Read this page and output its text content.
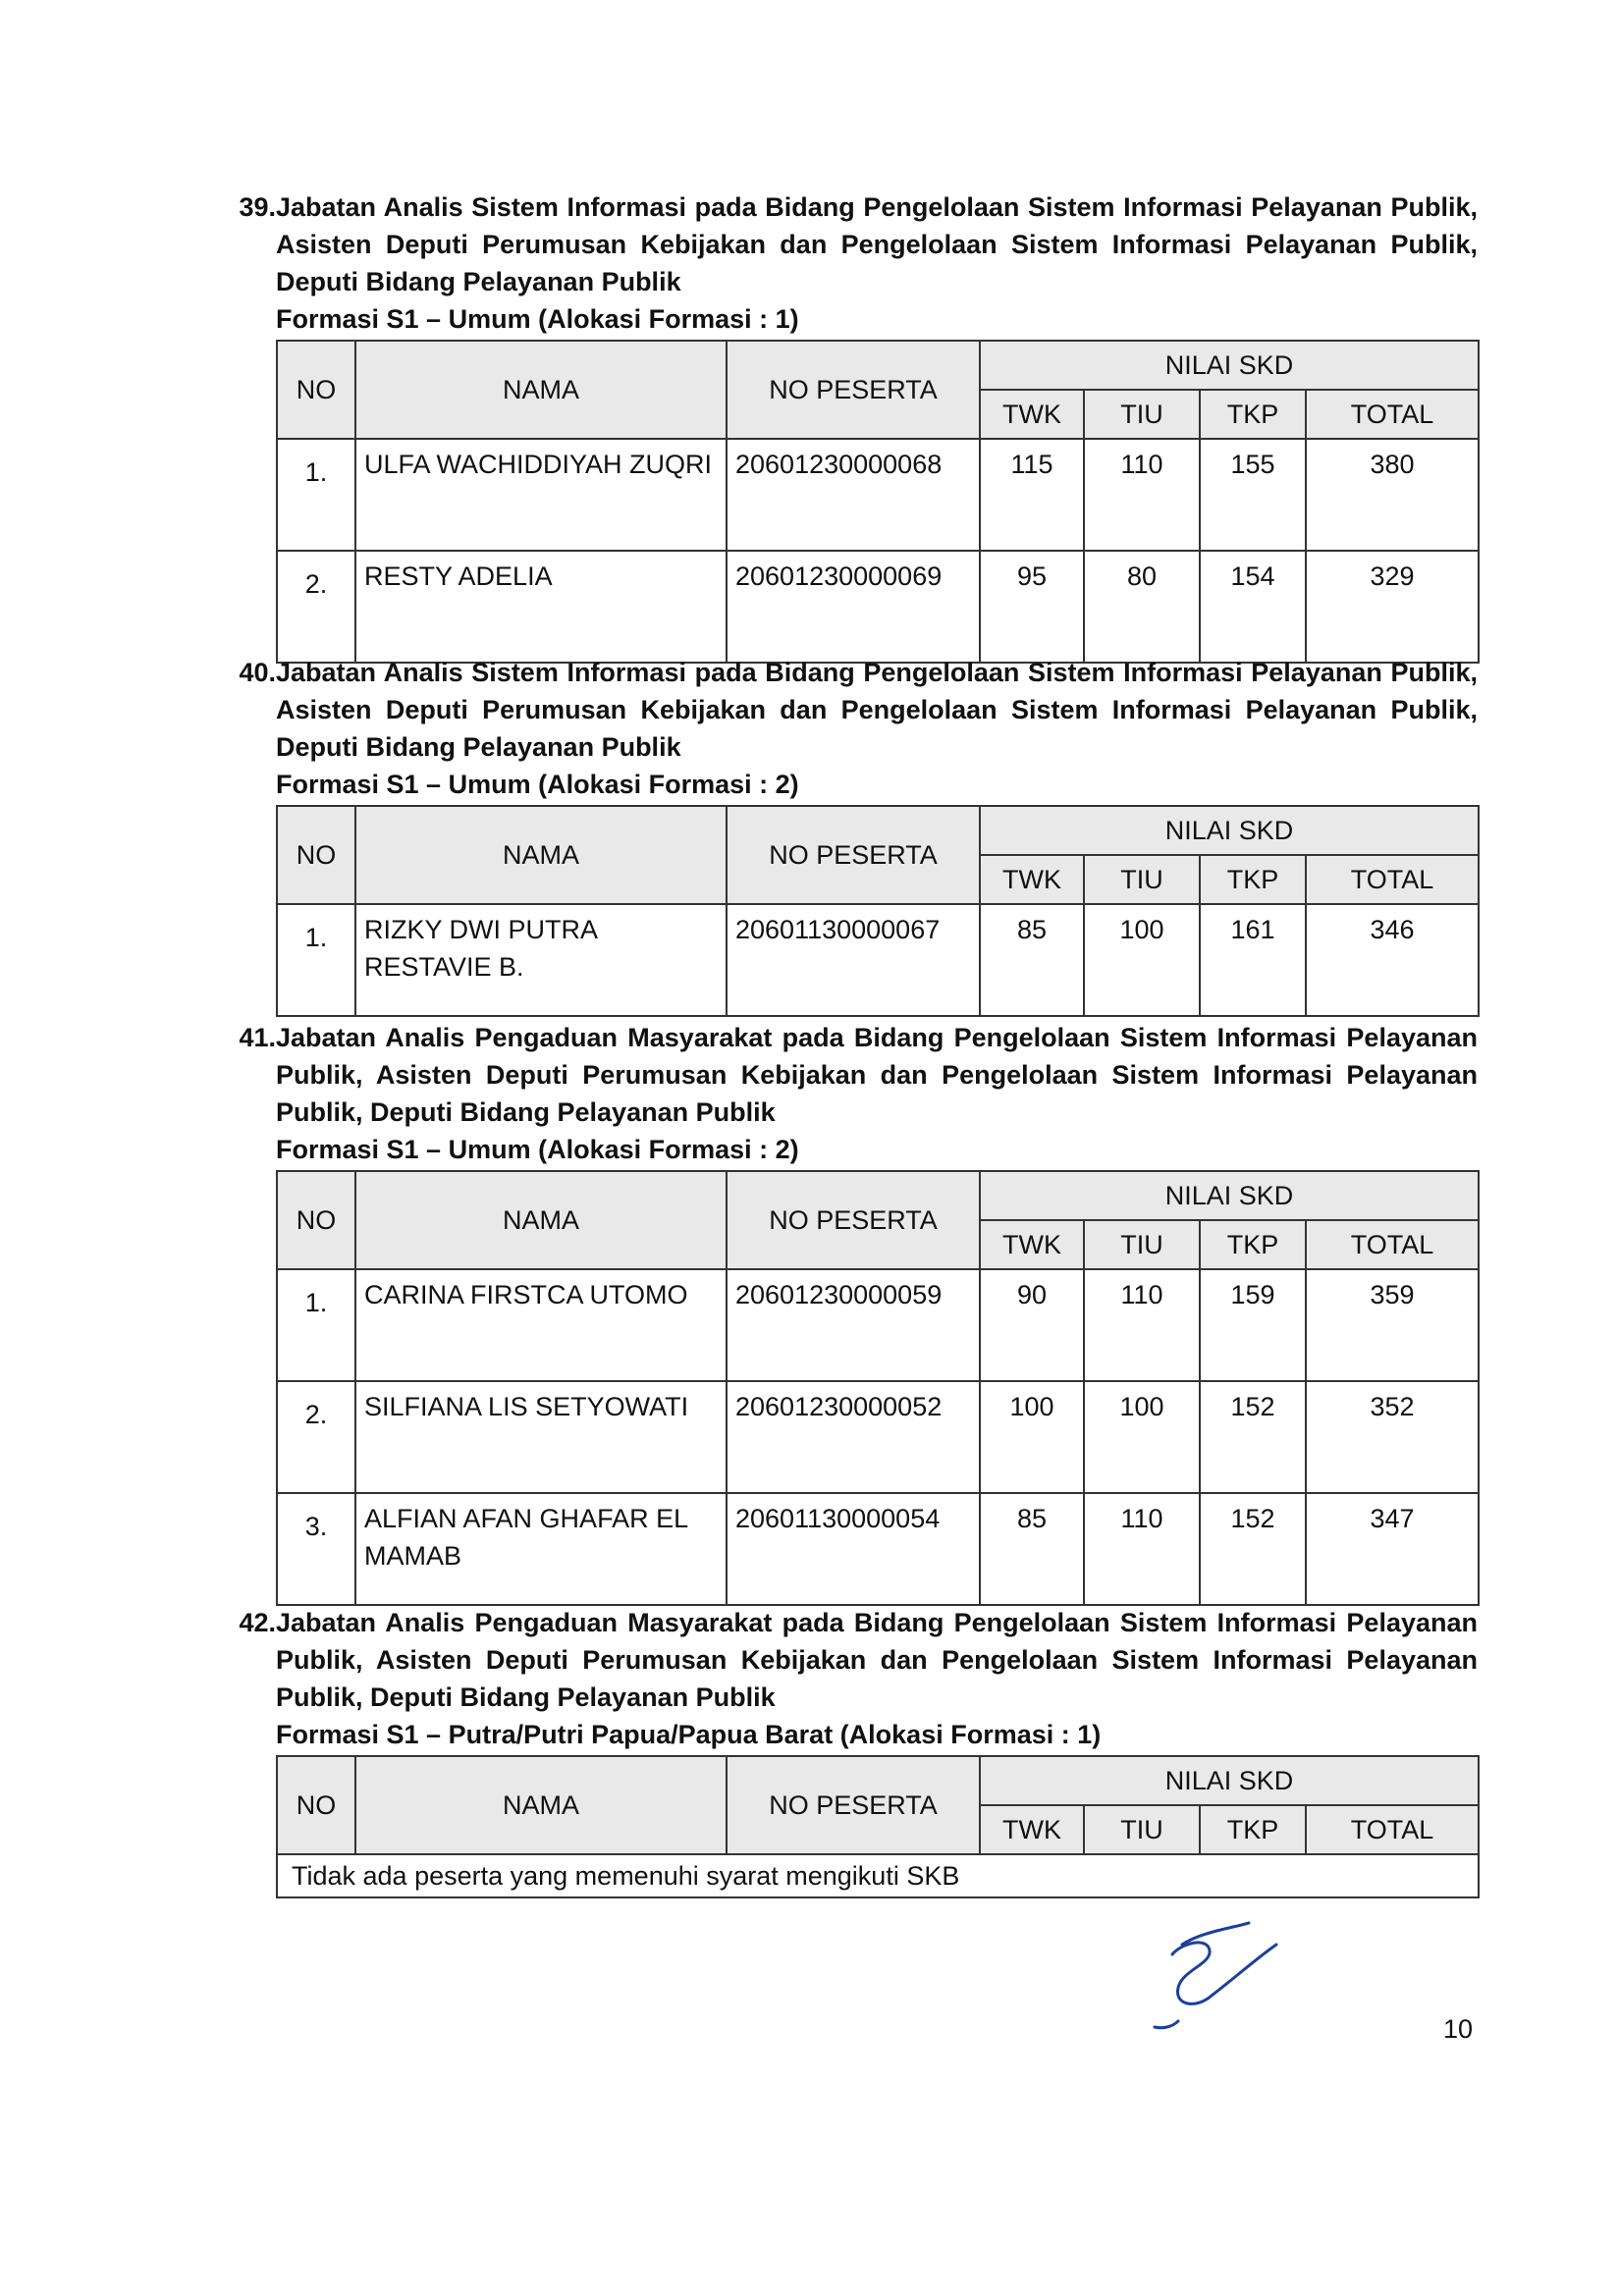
39. Jabatan Analis Sistem Informasi pada Bidang Pengelolaan Sistem Informasi Pelayanan Publik, Asisten Deputi Perumusan Kebijakan dan Pengelolaan Sistem Informasi Pelayanan Publik, Deputi Bidang Pelayanan Publik
Formasi S1 – Umum (Alokasi Formasi : 1)
NO	NAMA	NO PESERTA	NILAI SKD			
			TWK	TIU	TKP	TOTAL
1.	ULFA WACHIDDIYAH ZUQRI	20601230000068	115	110	155	380
2.	RESTY ADELIA	20601230000069	95	80	154	329
40. Jabatan Analis Sistem Informasi pada Bidang Pengelolaan Sistem Informasi Pelayanan Publik, Asisten Deputi Perumusan Kebijakan dan Pengelolaan Sistem Informasi Pelayanan Publik, Deputi Bidang Pelayanan Publik
Formasi S1 – Umum (Alokasi Formasi : 2)
NO	NAMA	NO PESERTA	NILAI SKD			
			TWK	TIU	TKP	TOTAL
1.	RIZKY DWI PUTRA RESTAVIE B.	20601130000067	85	100	161	346
41. Jabatan Analis Pengaduan Masyarakat pada Bidang Pengelolaan Sistem Informasi Pelayanan Publik, Asisten Deputi Perumusan Kebijakan dan Pengelolaan Sistem Informasi Pelayanan Publik, Deputi Bidang Pelayanan Publik
Formasi S1 – Umum (Alokasi Formasi : 2)
NO	NAMA	NO PESERTA	NILAI SKD			
			TWK	TIU	TKP	TOTAL
1.	CARINA FIRSTCA UTOMO	20601230000059	90	110	159	359
2.	SILFIANA LIS SETYOWATI	20601230000052	100	100	152	352
3.	ALFIAN AFAN GHAFAR EL MAMAB	20601130000054	85	110	152	347
42. Jabatan Analis Pengaduan Masyarakat pada Bidang Pengelolaan Sistem Informasi Pelayanan Publik, Asisten Deputi Perumusan Kebijakan dan Pengelolaan Sistem Informasi Pelayanan Publik, Deputi Bidang Pelayanan Publik
Formasi S1 – Putra/Putri Papua/Papua Barat (Alokasi Formasi : 1)
NO	NAMA	NO PESERTA	NILAI SKD			
			TWK	TIU	TKP	TOTAL
Tidak ada peserta yang memenuhi syarat mengikuti SKB						
10
